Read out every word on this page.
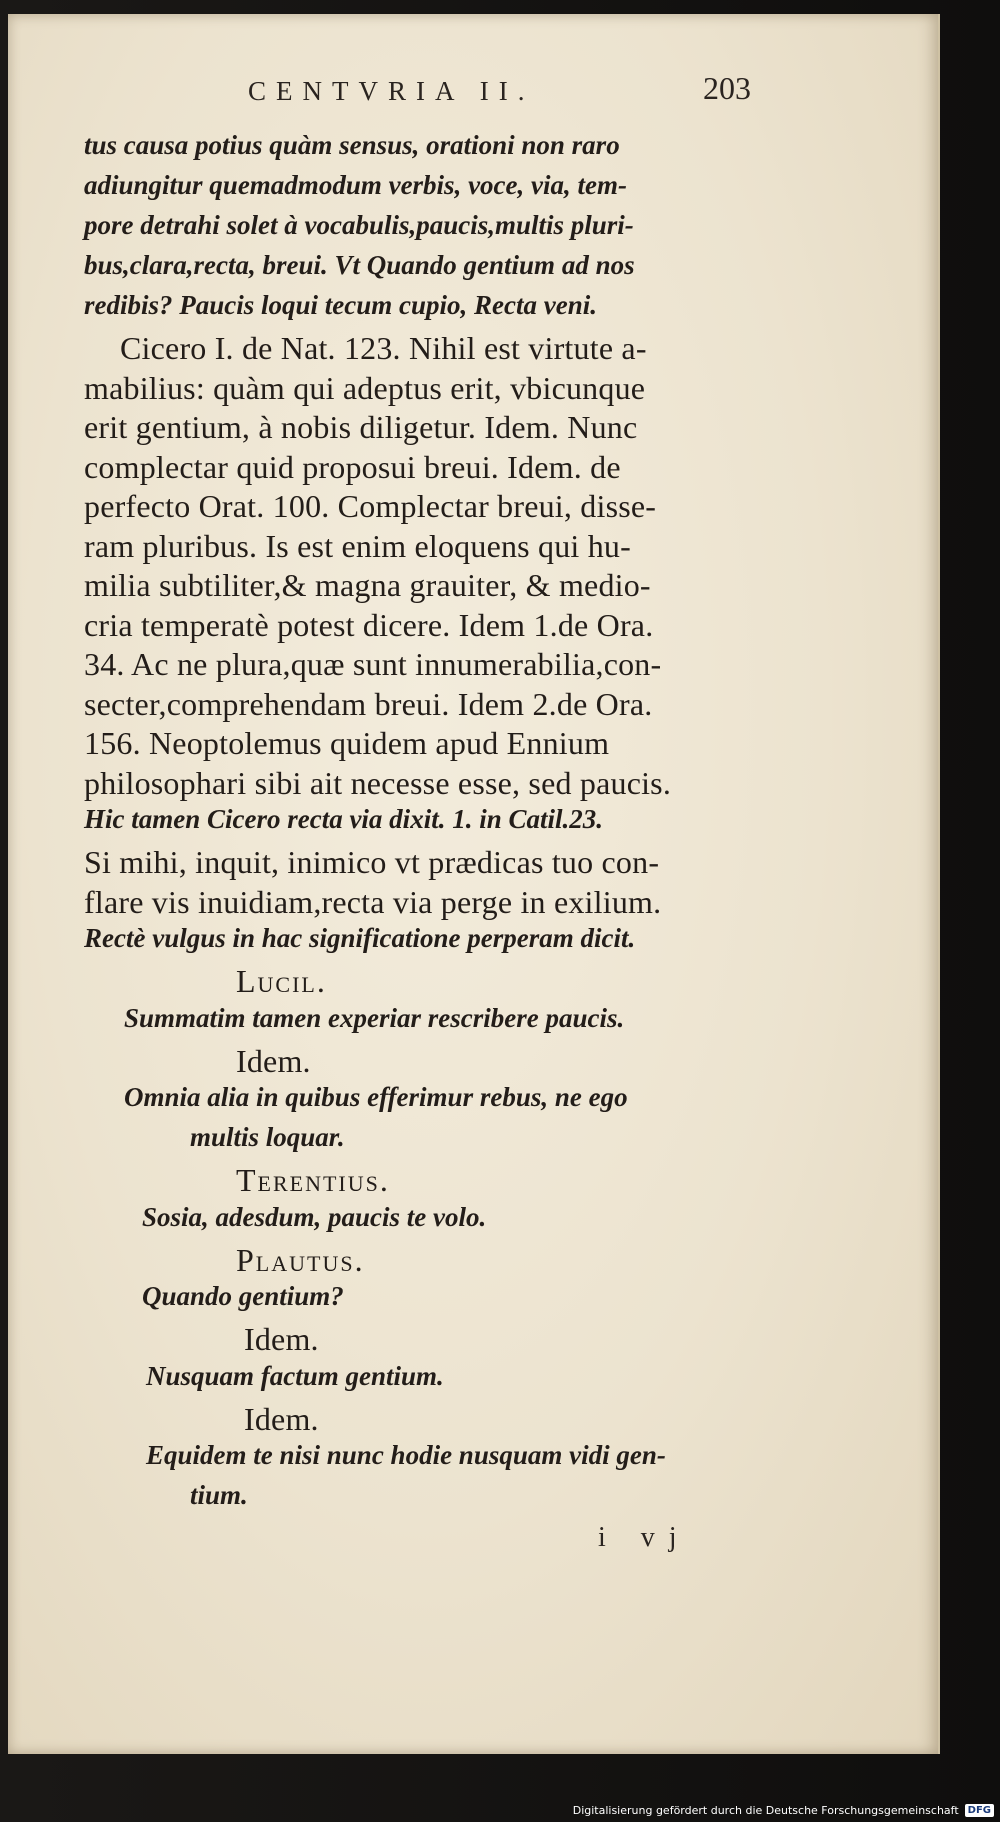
CENTVRIA II.	203
tus causa potius quàm sensus, orationi non raro
adiungitur quemadmodum verbis, voce, via, tem-
pore detrahi solet à vocabulis,paucis,multis pluri-
bus,clara,recta, breui. Vt Quando gentium ad nos
redibis? Paucis loqui tecum cupio, Recta veni.
Cicero I. de Nat. 123. Nihil est virtute a-
mabilius: quàm qui adeptus erit, vbicunque
erit gentium, à nobis diligetur. Idem. Nunc
complectar quid proposui breui. Idem. de
perfecto Orat. 100. Complectar breui, disse-
ram pluribus. Is est enim eloquens qui hu-
milia subtiliter,& magna grauiter, & medio-
cria temperatè potest dicere. Idem 1.de Ora.
34. Ac ne plura,quæ sunt innumerabilia,con-
secter,comprehendam breui. Idem 2.de Ora.
156. Neoptolemus quidem apud Ennium
philosophari sibi ait necesse esse, sed paucis.
Hic tamen Cicero recta via dixit. 1. in Catil.23.
Si mihi, inquit, inimico vt prædicas tuo con-
flare vis inuidiam,recta via perge in exilium.
Rectè vulgus in hac significatione perperam dicit.
Lucil.
Summatim tamen experiar rescribere paucis.
Idem.
Omnia alia in quibus efferimur rebus, ne ego
multis loquar.
Terentius.
Sosia, adesdum, paucis te volo.
Plautus.
Quando gentium?
Idem.
Nusquam factum gentium.
Idem.
Equidem te nisi nunc hodie nusquam vidi gen-
tium.
i vj
Digitalisierung gefördert durch die Deutsche Forschungsgemeinschaft DFG
